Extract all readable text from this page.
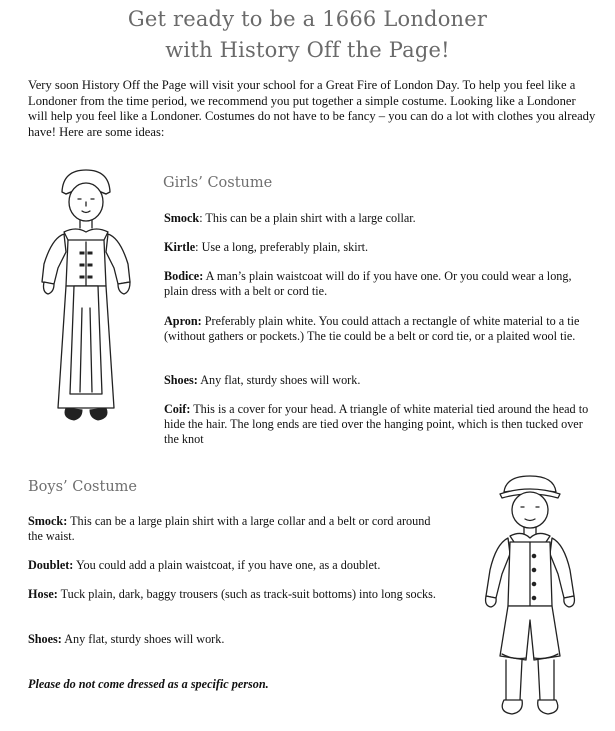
Get ready to be a 1666 Londoner
with History Off the Page!
Very soon History Off the Page will visit your school for a Great Fire of London Day. To help you feel like a Londoner from the time period, we recommend you put together a simple costume. Looking like a Londoner will help you feel like a Londoner. Costumes do not have to be fancy – you can do a lot with clothes you already have! Here are some ideas:
Girls’ Costume
Smock: This can be a plain shirt with a large collar.
Kirtle: Use a long, preferably plain, skirt.
Bodice: A man’s plain waistcoat will do if you have one. Or you could wear a long, plain dress with a belt or cord tie.
Apron: Preferably plain white. You could attach a rectangle of white material to a tie (without gathers or pockets.) The tie could be a belt or cord tie, or a plaited wool tie.
Shoes: Any flat, sturdy shoes will work.
Coif: This is a cover for your head. A triangle of white material tied around the head to hide the hair. The long ends are tied over the hanging point, which is then tucked over the knot
Boys’ Costume
Smock: This can be a large plain shirt with a large collar and a belt or cord around the waist.
Doublet: You could add a plain waistcoat, if you have one, as a doublet.
Hose: Tuck plain, dark, baggy trousers (such as track-suit bottoms) into long socks.
Shoes: Any flat, sturdy shoes will work.
Please do not come dressed as a specific person.
